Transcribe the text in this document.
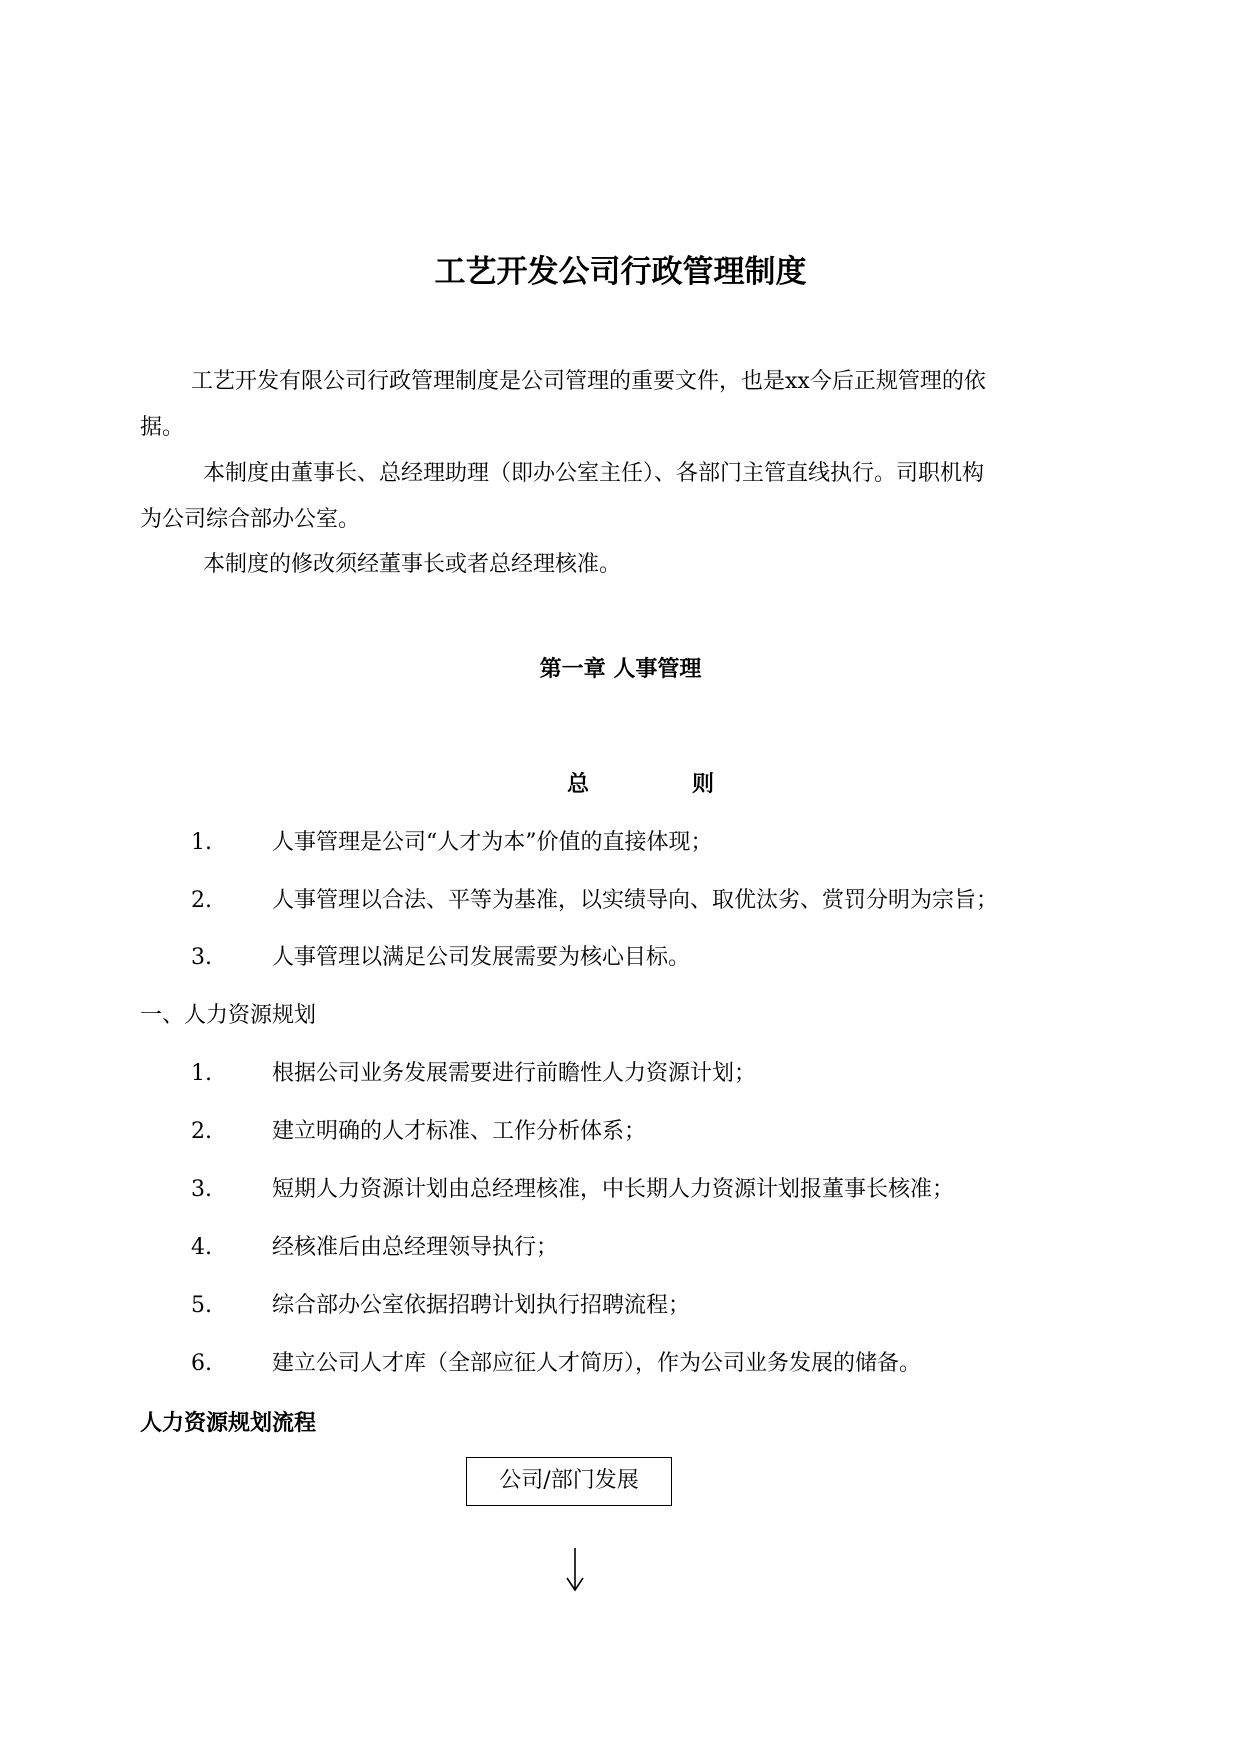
工艺开发公司行政管理制度
工艺开发有限公司行政管理制度是公司管理的重要文件，也是xx今后正规管理的依
据。
本制度由董事长、总经理助理（即办公室主任）、各部门主管直线执行。司职机构
为公司综合部办公室。
本制度的修改须经董事长或者总经理核准。
第一章 人事管理
总	则
1.	人事管理是公司“人才为本”价值的直接体现；
2.	人事管理以合法、平等为基准，以实绩导向、取优汰劣、赏罚分明为宗旨；
3.	人事管理以满足公司发展需要为核心目标。
一、人力资源规划
1.	根据公司业务发展需要进行前瞻性人力资源计划；
2.	建立明确的人才标准、工作分析体系；
3.	短期人力资源计划由总经理核准，中长期人力资源计划报董事长核准；
4.	经核准后由总经理领导执行；
5.	综合部办公室依据招聘计划执行招聘流程；
6.	建立公司人才库（全部应征人才简历），作为公司业务发展的储备。
人力资源规划流程
公司/部门发展
